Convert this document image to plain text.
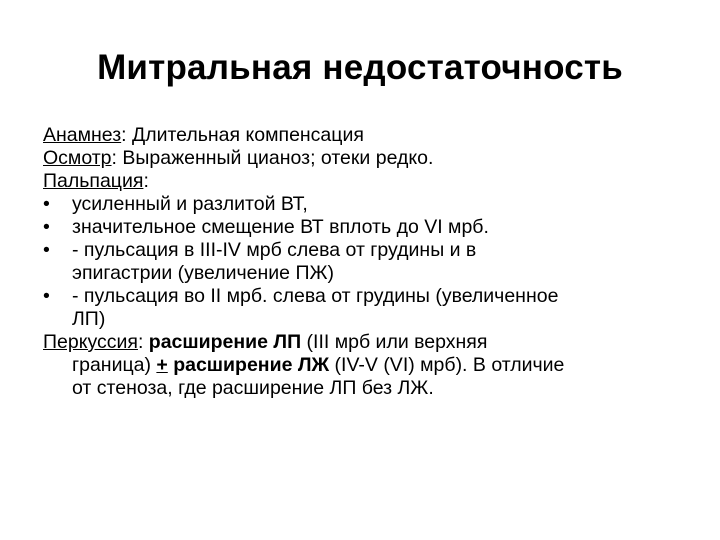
Митральная недостаточность

Анамнез: Длительная компенсация

Осмотр: Выраженный цианоз; отеки редко.

Пальпация:

•	усиленный и разлитой ВТ,
•	значительное смещение ВТ вплоть до VI мрб.
•	- пульсация в III-IV мрб слева от грудины и в
эпигастрии (увеличение ПЖ)
•	- пульсация во II мрб. слева от грудины (увеличенное
ЛП)

Перкуссия: расширение ЛП (III мрб или верхняя

граница) + расширение ЛЖ (IV-V (VI) мрб). В отличие

от стеноза, где расширение ЛП без ЛЖ.
